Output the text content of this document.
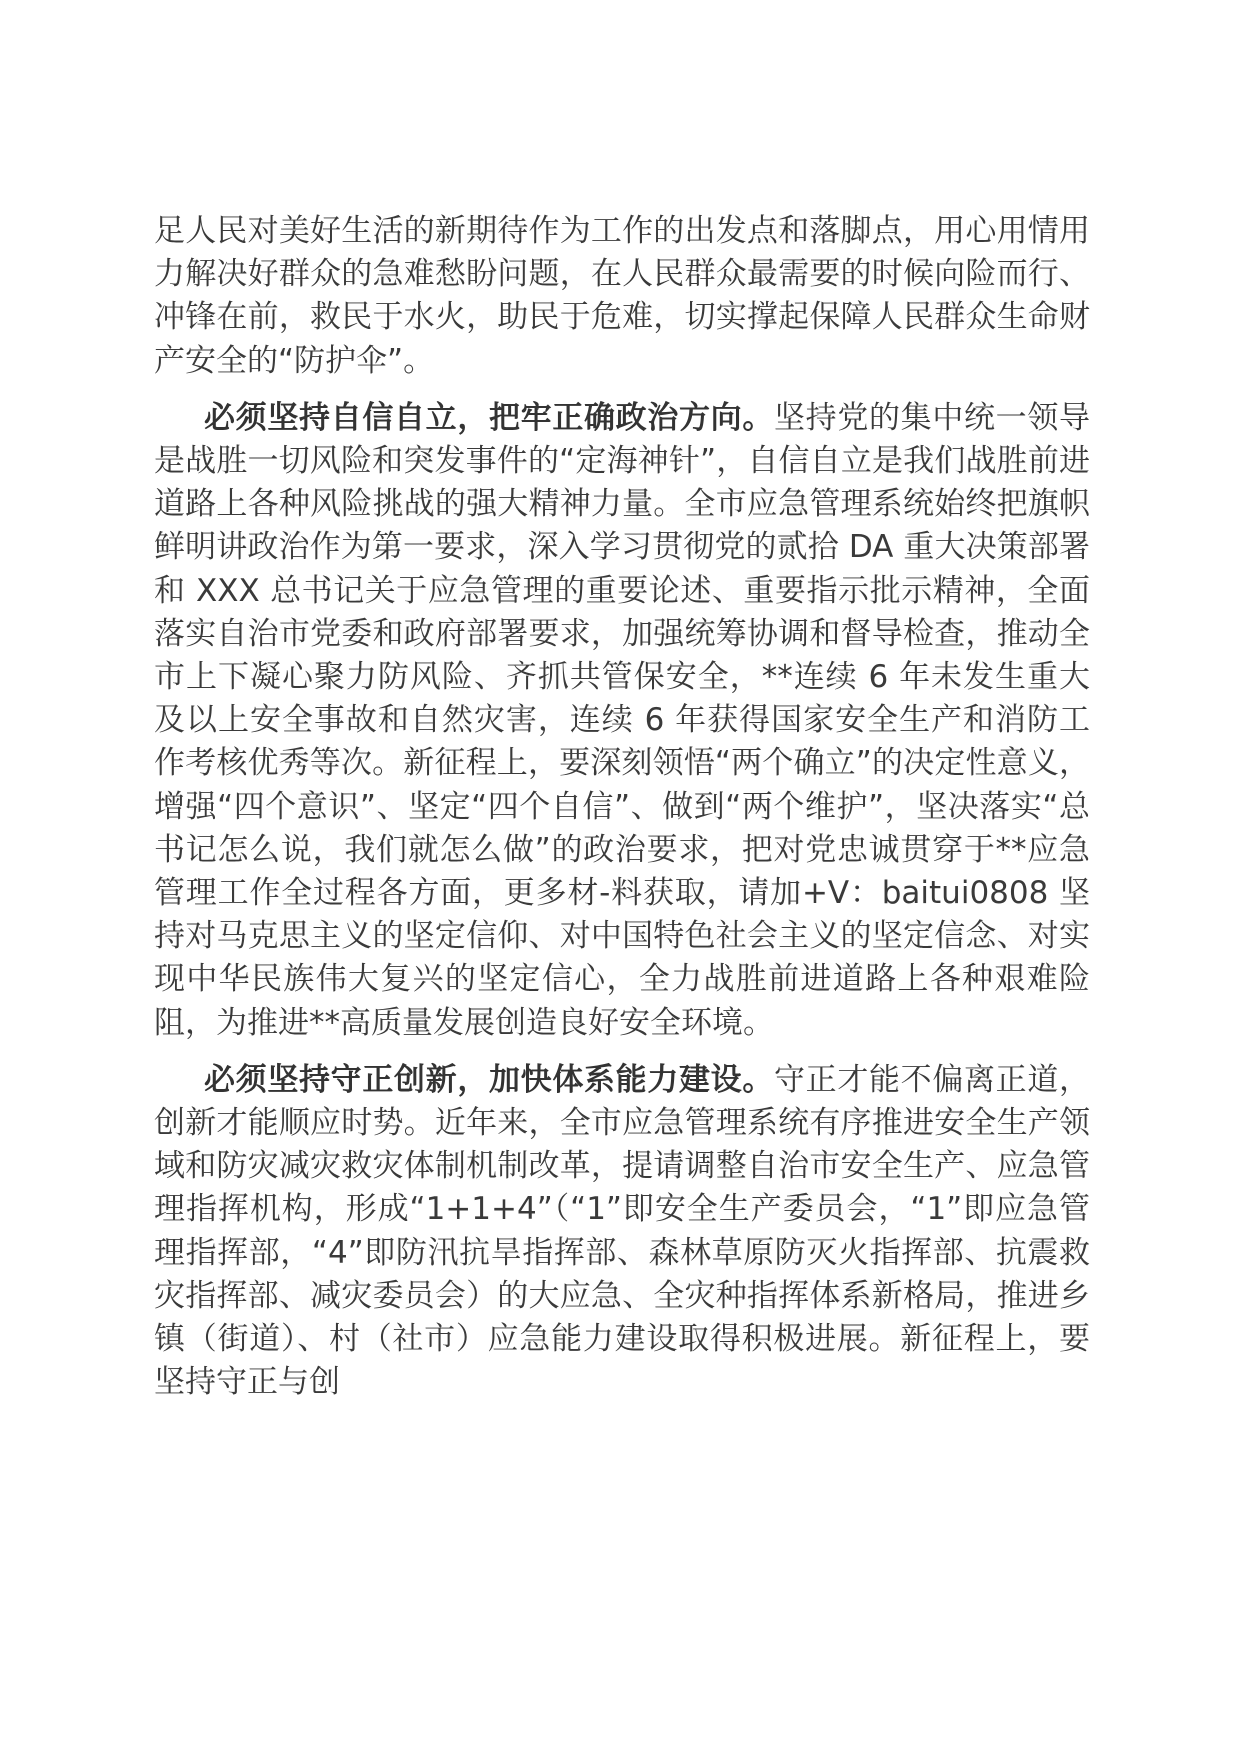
足人民对美好生活的新期待作为工作的出发点和落脚点，用心用情用力解决好群众的急难愁盼问题，在人民群众最需要的时候向险而行、冲锋在前，救民于水火，助民于危难，切实撑起保障人民群众生命财产安全的“防护伞”。

必须坚持自信自立，把牢正确政治方向。坚持党的集中统一领导是战胜一切风险和突发事件的“定海神针”，自信自立是我们战胜前进道路上各种风险挑战的强大精神力量。全市应急管理系统始终把旗帜鲜明讲政治作为第一要求，深入学习贯彻党的贰拾 DA 重大决策部署和 XXX 总书记关于应急管理的重要论述、重要指示批示精神，全面落实自治市党委和政府部署要求，加强统筹协调和督导检查，推动全市上下凝心聚力防风险、齐抓共管保安全，**连续 6 年未发生重大及以上安全事故和自然灾害，连续 6 年获得国家安全生产和消防工作考核优秀等次。新征程上，要深刻领悟“两个确立”的决定性意义，增强“四个意识”、坚定“四个自信”、做到“两个维护”，坚决落实“总书记怎么说，我们就怎么做”的政治要求，把对党忠诚贯穿于**应急管理工作全过程各方面，更多材-料获取，请加+V：baitui0808 坚持对马克思主义的坚定信仰、对中国特色社会主义的坚定信念、对实现中华民族伟大复兴的坚定信心，全力战胜前进道路上各种艰难险阻，为推进**高质量发展创造良好安全环境。

必须坚持守正创新，加快体系能力建设。守正才能不偏离正道，创新才能顺应时势。近年来，全市应急管理系统有序推进安全生产领域和防灾减灾救灾体制机制改革，提请调整自治市安全生产、应急管理指挥机构，形成“1+1+4”（“1”即安全生产委员会，“1”即应急管理指挥部，“4”即防汛抗旱指挥部、森林草原防灭火指挥部、抗震救灾指挥部、减灾委员会）的大应急、全灾种指挥体系新格局，推进乡镇（街道）、村（社市）应急能力建设取得积极进展。新征程上，要坚持守正与创
